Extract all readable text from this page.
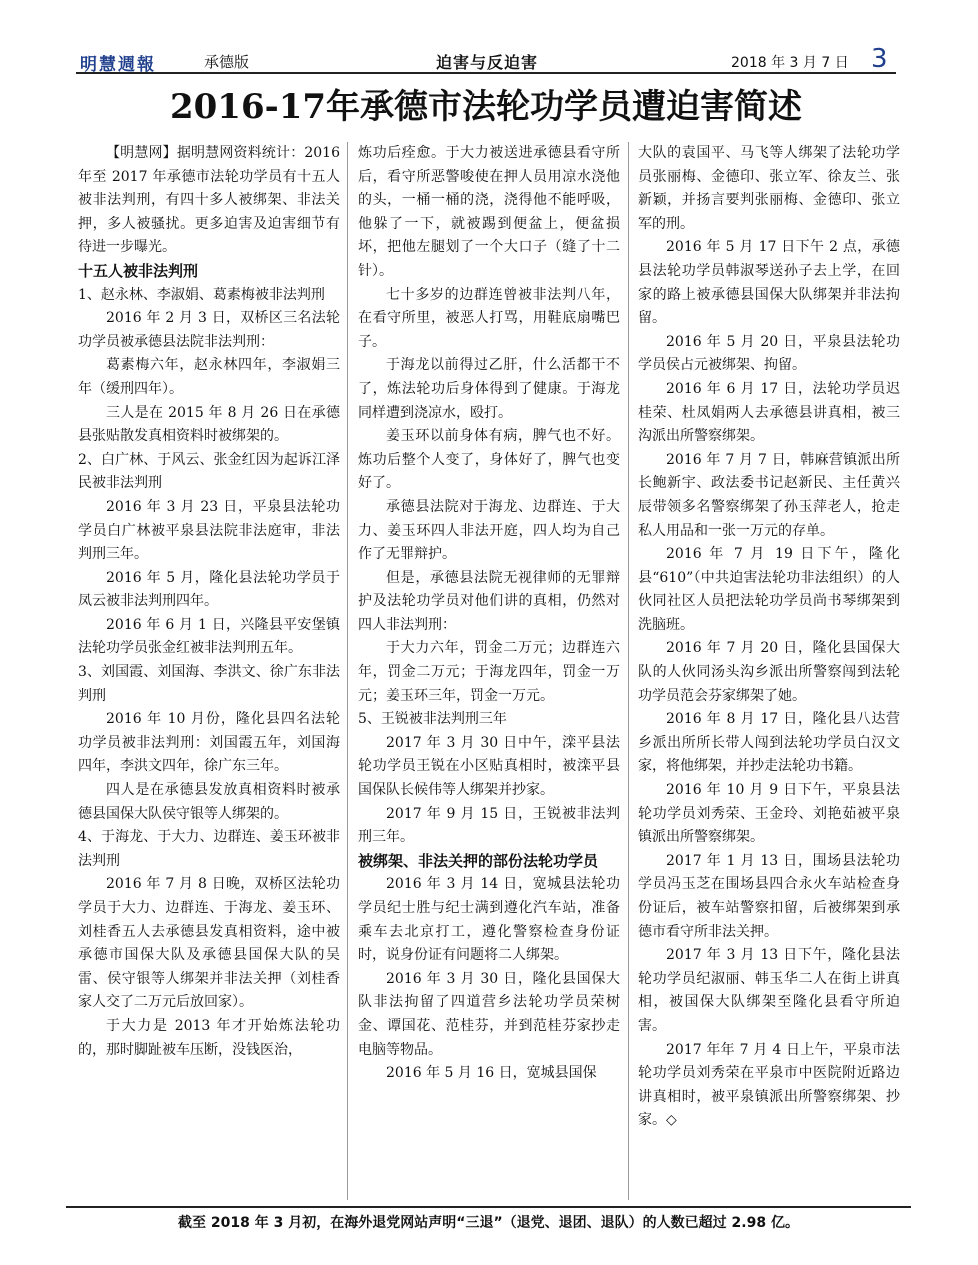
明慧週報	承德版	迫害与反迫害	2018 年 3 月 7 日 3
2016-17年承德市法轮功学员遭迫害简述

【明慧网】据明慧网资料统计：2016 年至 2017 年承德市法轮功学员有十五人被非法判刑，有四十多人被绑架、非法关押，多人被骚扰。更多迫害及迫害细节有待进一步曝光。

十五人被非法判刑
1、赵永林、李淑娟、葛素梅被非法判刑

2016 年 2 月 3 日，双桥区三名法轮功学员被承德县法院非法判刑：

葛素梅六年，赵永林四年，李淑娟三年（缓刑四年）。

三人是在 2015 年 8 月 26 日在承德县张贴散发真相资料时被绑架的。

2、白广林、于风云、张金红因为起诉江泽民被非法判刑

2016 年 3 月 23 日，平泉县法轮功学员白广林被平泉县法院非法庭审，非法判刑三年。

2016 年 5 月，隆化县法轮功学员于凤云被非法判刑四年。

2016 年 6 月 1 日，兴隆县平安堡镇法轮功学员张金红被非法判刑五年。

3、刘国霞、刘国海、李洪文、徐广东非法判刑

2016 年 10 月份，隆化县四名法轮功学员被非法判刑：刘国霞五年，刘国海四年，李洪文四年，徐广东三年。

四人是在承德县发放真相资料时被承德县国保大队侯守银等人绑架的。

4、于海龙、于大力、边群连、姜玉环被非法判刑

2016 年 7 月 8 日晚，双桥区法轮功学员于大力、边群连、于海龙、姜玉环、刘桂香五人去承德县发真相资料，途中被承德市国保大队及承德县国保大队的吴雷、侯守银等人绑架并非法关押（刘桂香家人交了二万元后放回家）。

于大力是 2013 年才开始炼法轮功的，那时脚趾被车压断，没钱医治，

炼功后痊愈。于大力被送进承德县看守所后，看守所恶警唆使在押人员用凉水浇他的头，一桶一桶的浇，浇得他不能呼吸，他躲了一下，就被踢到便盆上，便盆损坏，把他左腿划了一个大口子（缝了十二针）。

七十多岁的边群连曾被非法判八年，在看守所里，被恶人打骂，用鞋底扇嘴巴子。

于海龙以前得过乙肝，什么活都干不了，炼法轮功后身体得到了健康。于海龙同样遭到浇凉水，殴打。

姜玉环以前身体有病，脾气也不好。炼功后整个人变了，身体好了，脾气也变好了。

承德县法院对于海龙、边群连、于大力、姜玉环四人非法开庭，四人均为自己作了无罪辩护。

但是，承德县法院无视律师的无罪辩护及法轮功学员对他们讲的真相，仍然对四人非法判刑：

于大力六年，罚金二万元；边群连六年，罚金二万元；于海龙四年，罚金一万元；姜玉环三年，罚金一万元。

5、王锐被非法判刑三年

2017 年 3 月 30 日中午，滦平县法轮功学员王锐在小区贴真相时，被滦平县国保队长候伟等人绑架并抄家。

2017 年 9 月 15 日，王锐被非法判刑三年。

被绑架、非法关押的部份法轮功学员

2016 年 3 月 14 日，宽城县法轮功学员纪士胜与纪士满到遵化汽车站，准备乘车去北京打工，遵化警察检查身份证时，说身份证有问题将二人绑架。

2016 年 3 月 30 日，隆化县国保大队非法拘留了四道营乡法轮功学员荣树金、谭国花、范桂芬，并到范桂芬家抄走电脑等物品。

2016 年 5 月 16 日，宽城县国保

大队的袁国平、马飞等人绑架了法轮功学员张丽梅、金德印、张立军、徐友兰、张新颖，并扬言要判张丽梅、金德印、张立军的刑。

2016 年 5 月 17 日下午 2 点，承德县法轮功学员韩淑琴送孙子去上学，在回家的路上被承德县国保大队绑架并非法拘留。

2016 年 5 月 20 日，平泉县法轮功学员侯占元被绑架、拘留。

2016 年 6 月 17 日，法轮功学员迟桂荣、杜凤娟两人去承德县讲真相，被三沟派出所警察绑架。

2016 年 7 月 7 日，韩麻营镇派出所长鲍新宇、政法委书记赵新民、主任黄兴辰带领多名警察绑架了孙玉萍老人，抢走私人用品和一张一万元的存单。

2016 年 7 月 19 日下午，隆化县“610”（中共迫害法轮功非法组织）的人伙同社区人员把法轮功学员尚书琴绑架到洗脑班。

2016 年 7 月 20 日，隆化县国保大队的人伙同汤头沟乡派出所警察闯到法轮功学员范会芬家绑架了她。

2016 年 8 月 17 日，隆化县八达营乡派出所所长带人闯到法轮功学员白汉文家，将他绑架，并抄走法轮功书籍。

2016 年 10 月 9 日下午，平泉县法轮功学员刘秀荣、王金玲、刘艳茹被平泉镇派出所警察绑架。

2017 年 1 月 13 日，围场县法轮功学员冯玉芝在围场县四合永火车站检查身份证后，被车站警察扣留，后被绑架到承德市看守所非法关押。

2017 年 3 月 13 日下午，隆化县法轮功学员纪淑丽、韩玉华二人在街上讲真相，被国保大队绑架至隆化县看守所迫害。

2017 年年 7 月 4 日上午，平泉市法轮功学员刘秀荣在平泉市中医院附近路边讲真相时，被平泉镇派出所警察绑架、抄家。◇

截至 2018 年 3 月初，在海外退党网站声明“三退”（退党、退团、退队）的人数已超过 2.98 亿。
